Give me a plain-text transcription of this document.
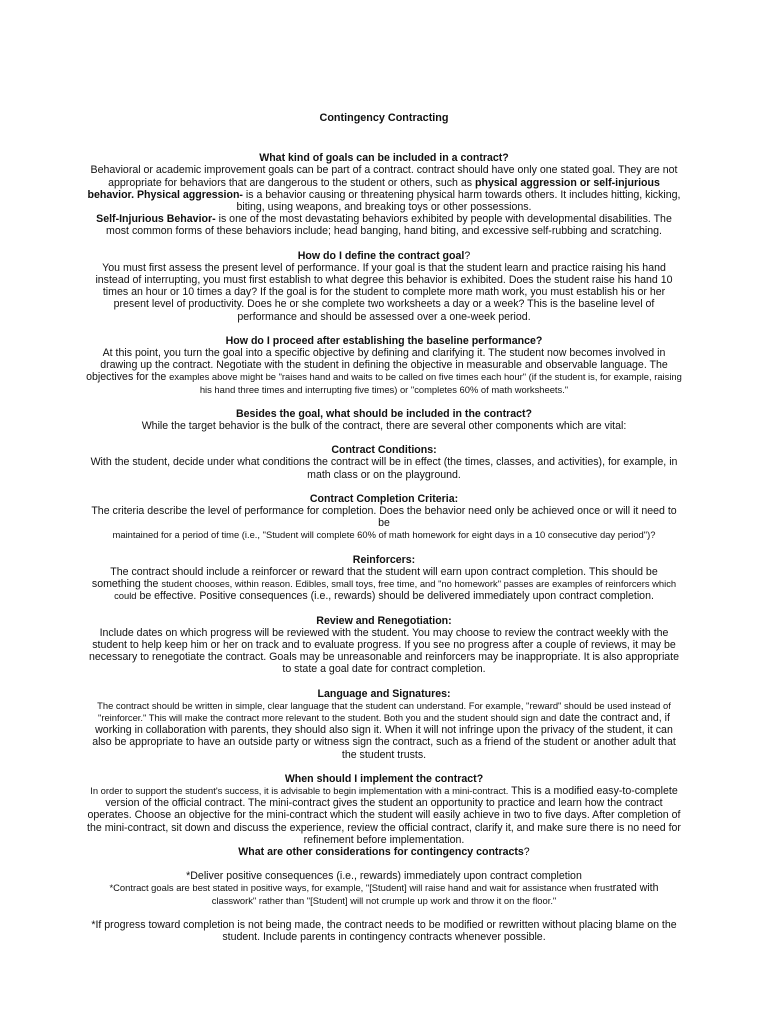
Contingency Contracting
What kind of goals can be included in a contract?
Behavioral or academic improvement goals can be part of a contract. contract should have only one stated goal. They are not appropriate for behaviors that are dangerous to the student or others, such as physical aggression or self-injurious behavior. Physical aggression- is a behavior causing or threatening physical harm towards others. It includes hitting, kicking, biting, using weapons, and breaking toys or other possessions.
Self-Injurious Behavior- is one of the most devastating behaviors exhibited by people with developmental disabilities. The most common forms of these behaviors include; head banging, hand biting, and excessive self-rubbing and scratching.
How do I define the contract goal?
You must first assess the present level of performance. If your goal is that the student learn and practice raising his hand instead of interrupting, you must first establish to what degree this behavior is exhibited. Does the student raise his hand 10 times an hour or 10 times a day? If the goal is for the student to complete more math work, you must establish his or her present level of productivity. Does he or she complete two worksheets a day or a week? This is the baseline level of performance and should be assessed over a one-week period.
How do I proceed after establishing the baseline performance?
At this point, you turn the goal into a specific objective by defining and clarifying it. The student now becomes involved in drawing up the contract. Negotiate with the student in defining the objective in measurable and observable language. The objectives for the examples above might be "raises hand and waits to be called on five times each hour" (if the student is, for example, raising his hand three times and interrupting five times) or "completes 60% of math worksheets."
Besides the goal, what should be included in the contract?
While the target behavior is the bulk of the contract, there are several other components which are vital:
Contract Conditions:
With the student, decide under what conditions the contract will be in effect (the times, classes, and activities), for example, in math class or on the playground.
Contract Completion Criteria:
The criteria describe the level of performance for completion. Does the behavior need only be achieved once or will it need to be
maintained for a period of time (i.e., "Student will complete 60% of math homework for eight days in a 10 consecutive day period")?
Reinforcers:
The contract should include a reinforcer or reward that the student will earn upon contract completion. This should be something the student chooses, within reason. Edibles, small toys, free time, and "no homework" passes are examples of reinforcers which could be effective. Positive consequences (i.e., rewards) should be delivered immediately upon contract completion.
Review and Renegotiation:
Include dates on which progress will be reviewed with the student. You may choose to review the contract weekly with the student to help keep him or her on track and to evaluate progress. If you see no progress after a couple of reviews, it may be necessary to renegotiate the contract. Goals may be unreasonable and reinforcers may be inappropriate. It is also appropriate to state a goal date for contract completion.
Language and Signatures:
The contract should be written in simple, clear language that the student can understand. For example, "reward" should be used instead of "reinforcer." This will make the contract more relevant to the student. Both you and the student should sign and date the contract and, if working in collaboration with parents, they should also sign it. When it will not infringe upon the privacy of the student, it can also be appropriate to have an outside party or witness sign the contract, such as a friend of the student or another adult that the student trusts.
When should I implement the contract?
In order to support the student's success, it is advisable to begin implementation with a mini-contract. This is a modified easy-to-complete version of the official contract. The mini-contract gives the student an opportunity to practice and learn how the contract operates. Choose an objective for the mini-contract which the student will easily achieve in two to five days. After completion of the mini-contract, sit down and discuss the experience, review the official contract, clarify it, and make sure there is no need for refinement before implementation.
What are other considerations for contingency contracts?
*Deliver positive consequences (i.e., rewards) immediately upon contract completion
*Contract goals are best stated in positive ways, for example, "[Student] will raise hand and wait for assistance when frustrated with
classwork" rather than "[Student] will not crumple up work and throw it on the floor."
*If progress toward completion is not being made, the contract needs to be modified or rewritten without placing blame on the student. Include parents in contingency contracts whenever possible.
